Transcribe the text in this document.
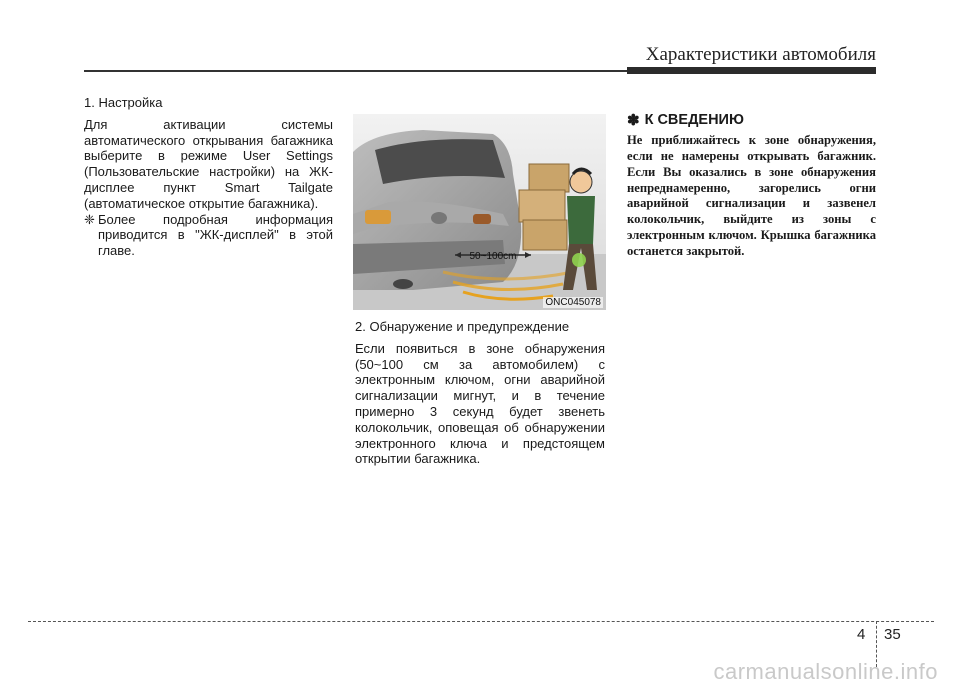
Характеристики автомобиля

1. Настройка

Для активации системы автоматического открывания багажника выберите в режиме User Settings (Пользовательские настройки) на ЖК-дисплее пункт Smart Tailgate (автоматическое открытие багажника).

❈ Более подробная информация приводится в "ЖК-дисплей" в этой главе.	50~100cm
ONC045078

2. Обнаружение и предупреждение

Если появиться в зоне обнаружения (50~100 см за автомобилем) с электронным ключом, огни аварийной сигнализации мигнут, и в течение примерно 3 секунд будет звенеть колокольчик, оповещая об обнаружении электронного ключа и предстоящем открытии багажника.

✽ К СВЕДЕНИЮ

Не приближайтесь к зоне обнаружения, если не намерены открывать багажник. Если Вы оказались в зоне обнаружения непреднамеренно, загорелись огни аварийной сигнализации и зазвенел колокольчик, выйдите из зоны с электронным ключом. Крышка багажника останется закрытой.

4 35
carmanualsonline.info
